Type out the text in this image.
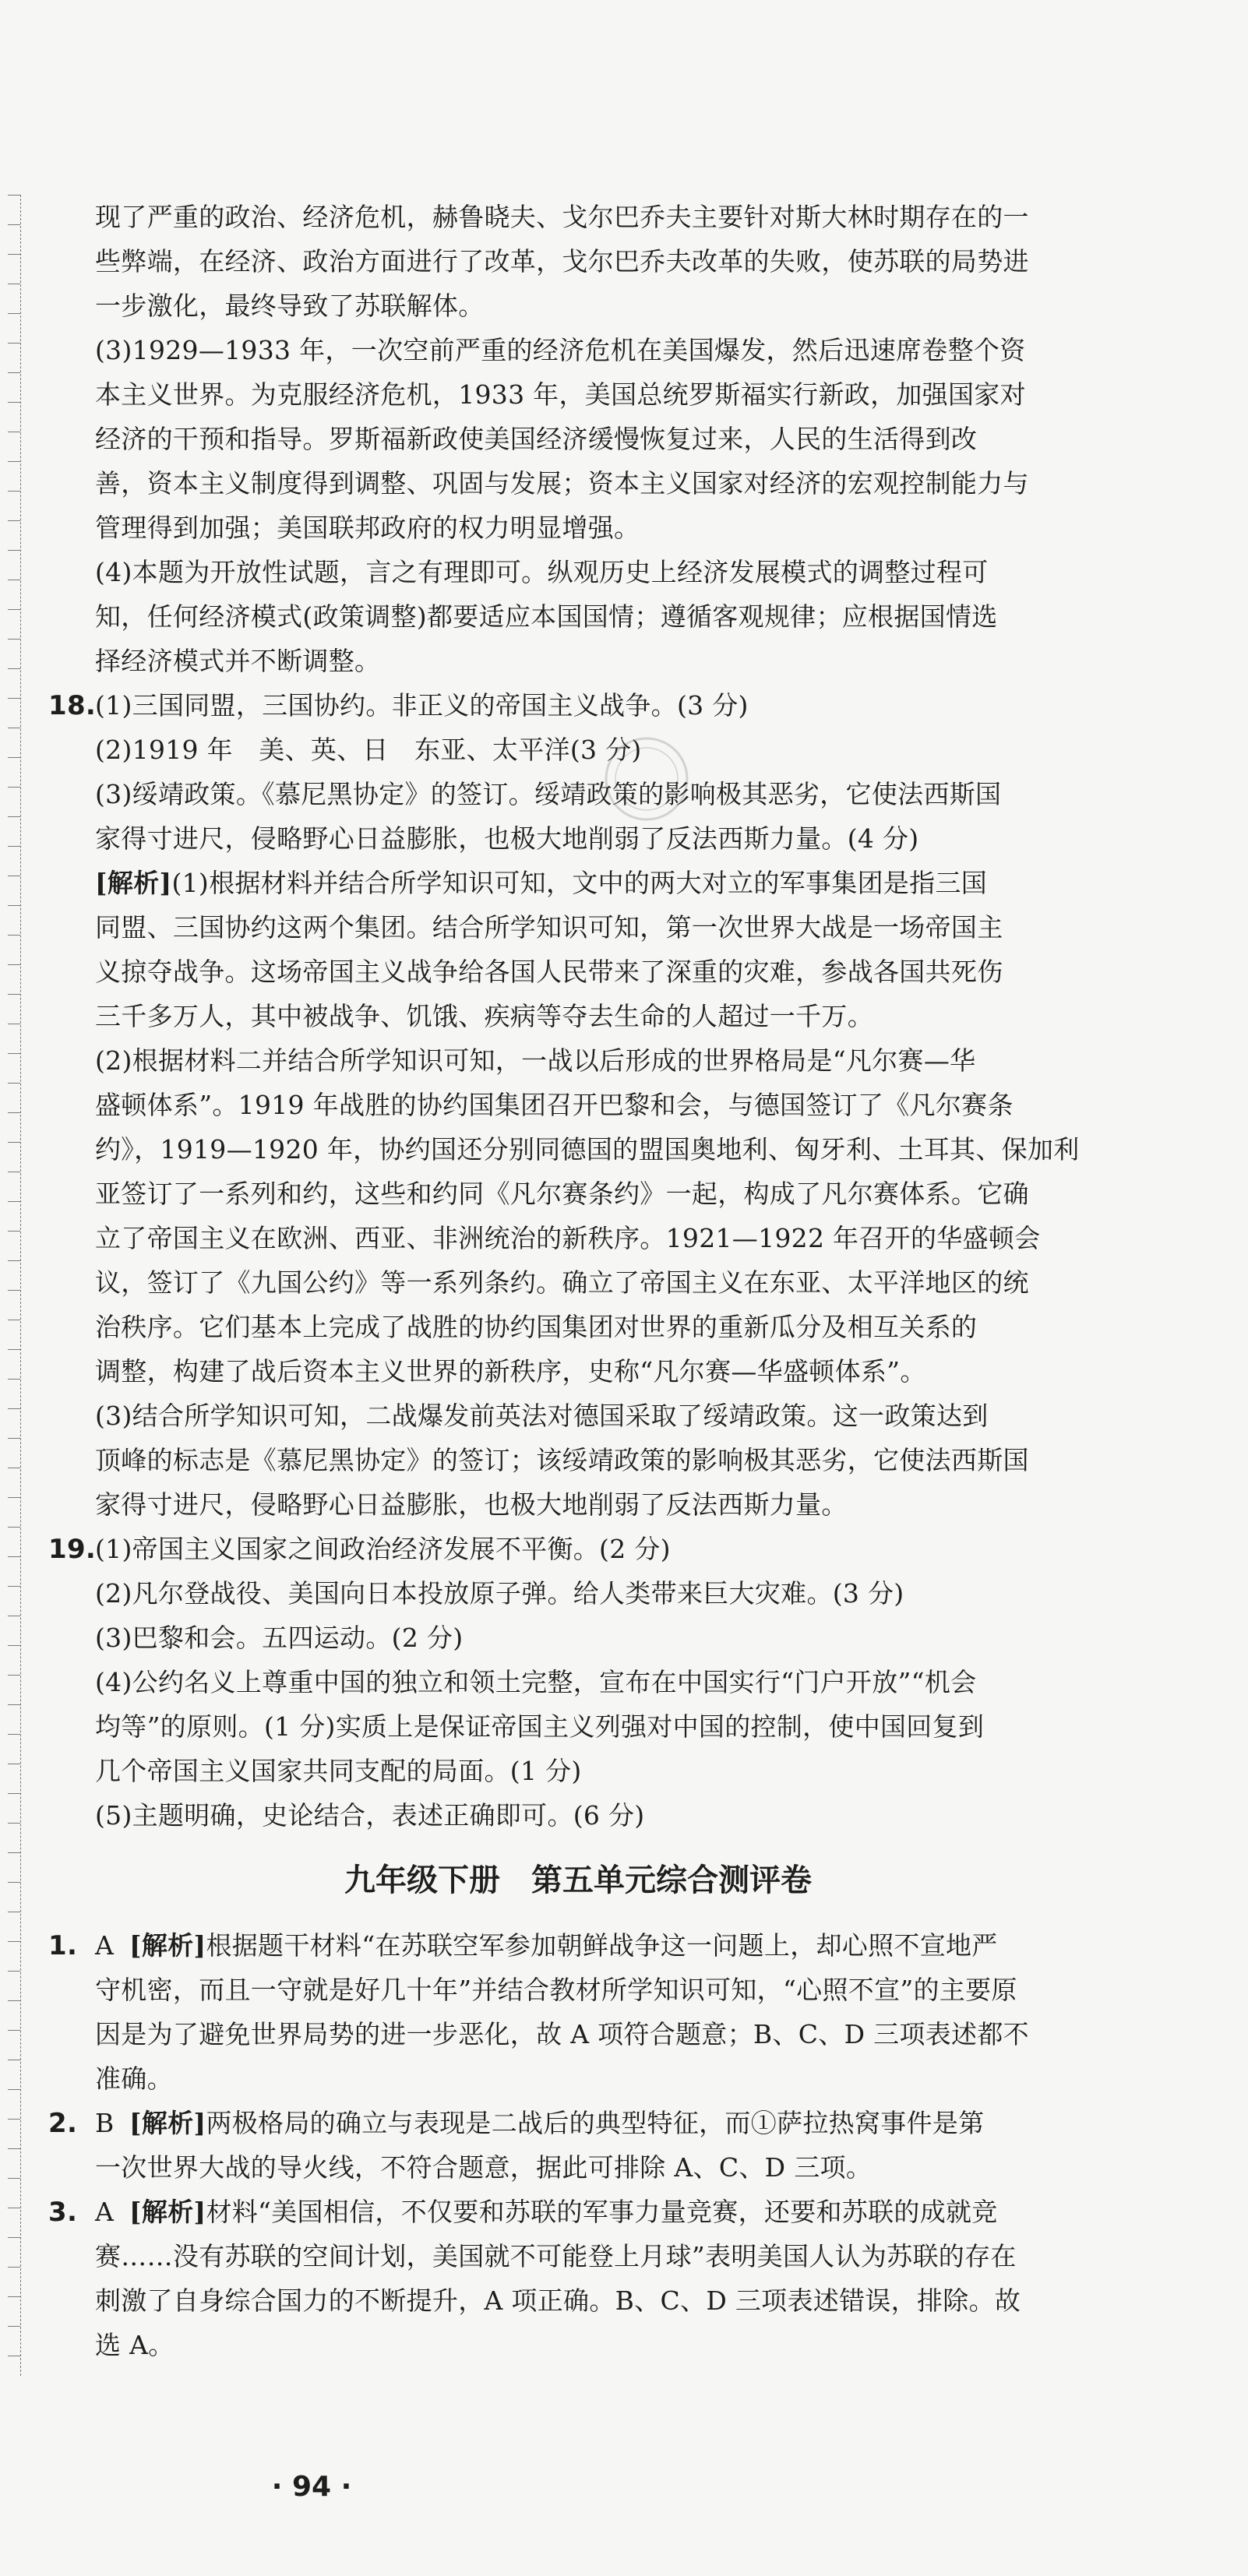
现了严重的政治、经济危机，赫鲁晓夫、戈尔巴乔夫主要针对斯大林时期存在的一
些弊端，在经济、政治方面进行了改革，戈尔巴乔夫改革的失败，使苏联的局势进
一步激化，最终导致了苏联解体。
(3)1929—1933 年，一次空前严重的经济危机在美国爆发，然后迅速席卷整个资
本主义世界。为克服经济危机，1933 年，美国总统罗斯福实行新政，加强国家对
经济的干预和指导。罗斯福新政使美国经济缓慢恢复过来，人民的生活得到改
善，资本主义制度得到调整、巩固与发展；资本主义国家对经济的宏观控制能力与
管理得到加强；美国联邦政府的权力明显增强。
(4)本题为开放性试题，言之有理即可。纵观历史上经济发展模式的调整过程可
知，任何经济模式(政策调整)都要适应本国国情；遵循客观规律；应根据国情选
择经济模式并不断调整。
18.(1)三国同盟，三国协约。非正义的帝国主义战争。(3 分)
(2)1919 年　美、英、日　东亚、太平洋(3 分)
(3)绥靖政策。《慕尼黑协定》的签订。绥靖政策的影响极其恶劣，它使法西斯国
家得寸进尺，侵略野心日益膨胀，也极大地削弱了反法西斯力量。(4 分)
[解析](1)根据材料并结合所学知识可知，文中的两大对立的军事集团是指三国
同盟、三国协约这两个集团。结合所学知识可知，第一次世界大战是一场帝国主
义掠夺战争。这场帝国主义战争给各国人民带来了深重的灾难，参战各国共死伤
三千多万人，其中被战争、饥饿、疾病等夺去生命的人超过一千万。
(2)根据材料二并结合所学知识可知，一战以后形成的世界格局是“凡尔赛—华
盛顿体系”。1919 年战胜的协约国集团召开巴黎和会，与德国签订了《凡尔赛条
约》，1919—1920 年，协约国还分别同德国的盟国奥地利、匈牙利、土耳其、保加利
亚签订了一系列和约，这些和约同《凡尔赛条约》一起，构成了凡尔赛体系。它确
立了帝国主义在欧洲、西亚、非洲统治的新秩序。1921—1922 年召开的华盛顿会
议，签订了《九国公约》等一系列条约。确立了帝国主义在东亚、太平洋地区的统
治秩序。它们基本上完成了战胜的协约国集团对世界的重新瓜分及相互关系的
调整，构建了战后资本主义世界的新秩序，史称“凡尔赛—华盛顿体系”。
(3)结合所学知识可知，二战爆发前英法对德国采取了绥靖政策。这一政策达到
顶峰的标志是《慕尼黑协定》的签订；该绥靖政策的影响极其恶劣，它使法西斯国
家得寸进尺，侵略野心日益膨胀，也极大地削弱了反法西斯力量。
19.(1)帝国主义国家之间政治经济发展不平衡。(2 分)
(2)凡尔登战役、美国向日本投放原子弹。给人类带来巨大灾难。(3 分)
(3)巴黎和会。五四运动。(2 分)
(4)公约名义上尊重中国的独立和领土完整，宣布在中国实行“门户开放”“机会
均等”的原则。(1 分)实质上是保证帝国主义列强对中国的控制，使中国回复到
几个帝国主义国家共同支配的局面。(1 分)
(5)主题明确，史论结合，表述正确即可。(6 分)
九年级下册　第五单元综合测评卷
1. A [解析]根据题干材料“在苏联空军参加朝鲜战争这一问题上，却心照不宣地严
守机密，而且一守就是好几十年”并结合教材所学知识可知，“心照不宣”的主要原
因是为了避免世界局势的进一步恶化，故 A 项符合题意；B、C、D 三项表述都不
准确。
2. B [解析]两极格局的确立与表现是二战后的典型特征，而①萨拉热窝事件是第
一次世界大战的导火线，不符合题意，据此可排除 A、C、D 三项。
3. A [解析]材料“美国相信，不仅要和苏联的军事力量竞赛，还要和苏联的成就竞
赛……没有苏联的空间计划，美国就不可能登上月球”表明美国人认为苏联的存在
刺激了自身综合国力的不断提升，A 项正确。B、C、D 三项表述错误，排除。故
选 A。
· 94 ·
